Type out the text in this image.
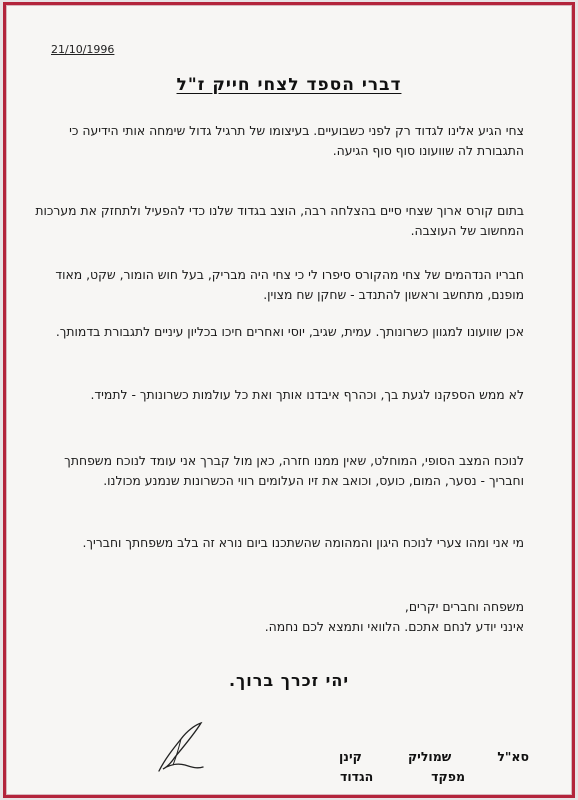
21/10/1996
דברי הספד לצחי חייק ז"ל
צחי הגיע אלינו לגדוד רק לפני כשבועיים. בעיצומו של תרגיל גדול שימחה אותי הידיעה כי התגבורת לה שוועונו סוף סוף הגיעה.
בתום קורס ארוך שצחי סיים בהצלחה רבה, הוצב בגדוד שלנו כדי להפעיל ולתחזק את מערכות המחשוב של העוצבה.
חבריו הנדהמים של צחי מהקורס סיפרו לי כי צחי היה מבריק, בעל חוש הומור, שקט, מאוד מופנם, מתחשב וראשון להתנדב - שחקן שח מצוין.
אכן שוועונו למגוון כשרונותך. עמית, שגיב, יוסי ואחרים חיכו בכליון עיניים לתגבורת בדמותך.
לא ממש הספקנו לגעת בך, וכהרף איבדנו אותך ואת כל עולמות כשרונותך - לתמיד.
לנוכח המצב הסופי, המוחלט, שאין ממנו חזרה, כאן מול קברך אני עומד לנוכח משפחתך וחבריך - נסער, המום, כועס, וכואב את זיו העלומים רווי הכשרונות שנמנע מכולנו.
מי אני ומהו צערי לנוכח היגון והמהומה שהשתכנו ביום נורא זה בלב משפחתך וחבריך.
משפחה וחברים יקרים,
אינני יודע לנחם אתכם. הלוואי ותמצא לכם נחמה.
יהי זכרך ברוך.
סא"ל
שמוליק
קינן
מפקד
הגדוד
